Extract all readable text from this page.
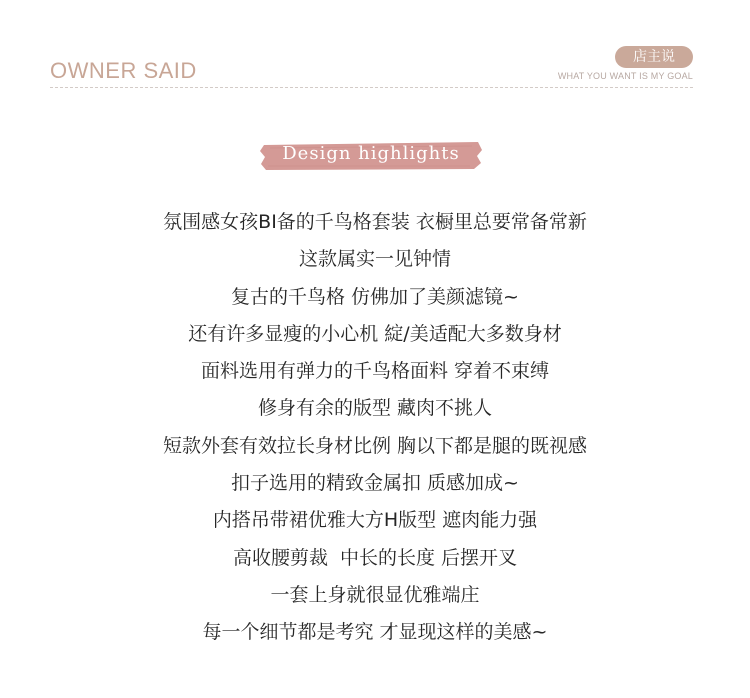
OWNER SAID
店主说
WHAT YOU WANT IS MY GOAL
Design highlights
氛围感女孩BI备的千鸟格套装 衣橱里总要常备常新
这款属实一见钟情
复古的千鸟格 仿佛加了美颜滤镜~
还有许多显瘦的小心机 綻/美适配大多数身材
面料选用有弹力的千鸟格面料 穿着不束缚
修身有余的版型 藏肉不挑人
短款外套有效拉长身材比例 胸以下都是腿的既视感
扣子选用的精致金属扣 质感加成~
内搭吊带裙优雅大方H版型 遮肉能力强
高收腰剪裁  中长的长度 后摆开叉
一套上身就很显优雅端庄
每一个细节都是考究 才显现这样的美感~
